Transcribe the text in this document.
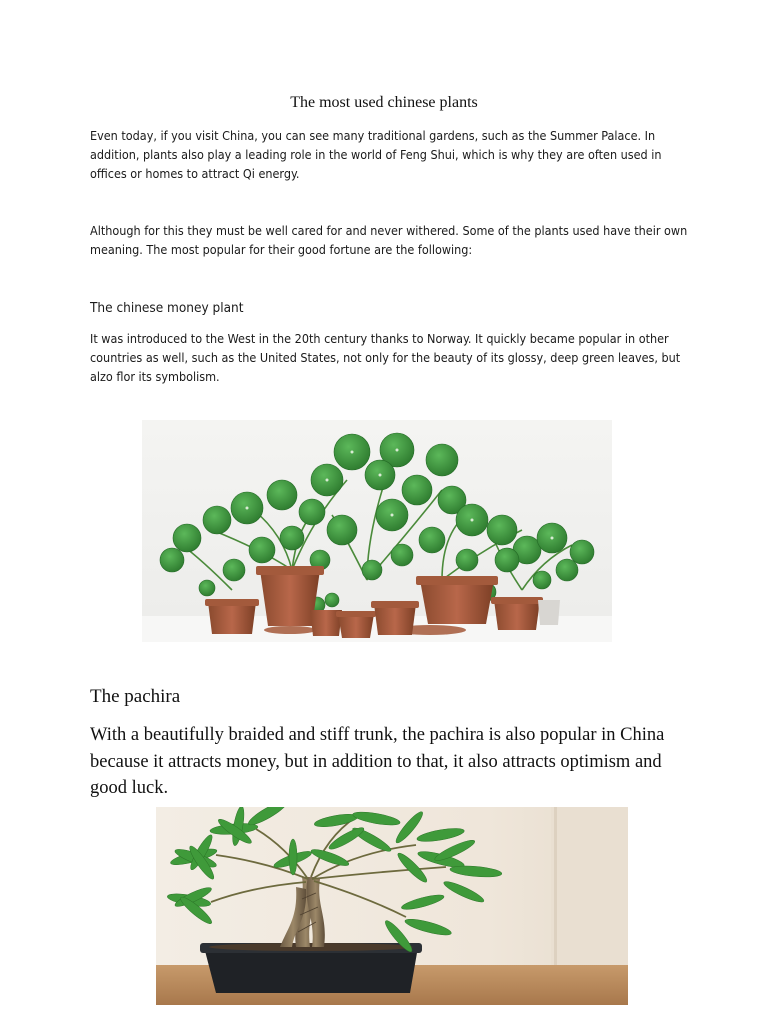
The most used chinese plants

Even today, if you visit China, you can see many traditional gardens, such as the Summer Palace. In addition, plants also play a leading role in the world of Feng Shui, which is why they are often used in offices or homes to attract Qi energy.

Although for this they must be well cared for and never withered. Some of the plants used have their own meaning. The most popular for their good fortune are the following:

The chinese money plant

It was introduced to the West in the 20th century thanks to Norway. It quickly became popular in other countries as well, such as the United States, not only for the beauty of its glossy, deep green leaves, but alzo flor its symbolism.

The pachira

With a beautifully braided and stiff trunk, the pachira is also popular in China because it attracts money, but in addition to that, it also attracts optimism and good luck.
